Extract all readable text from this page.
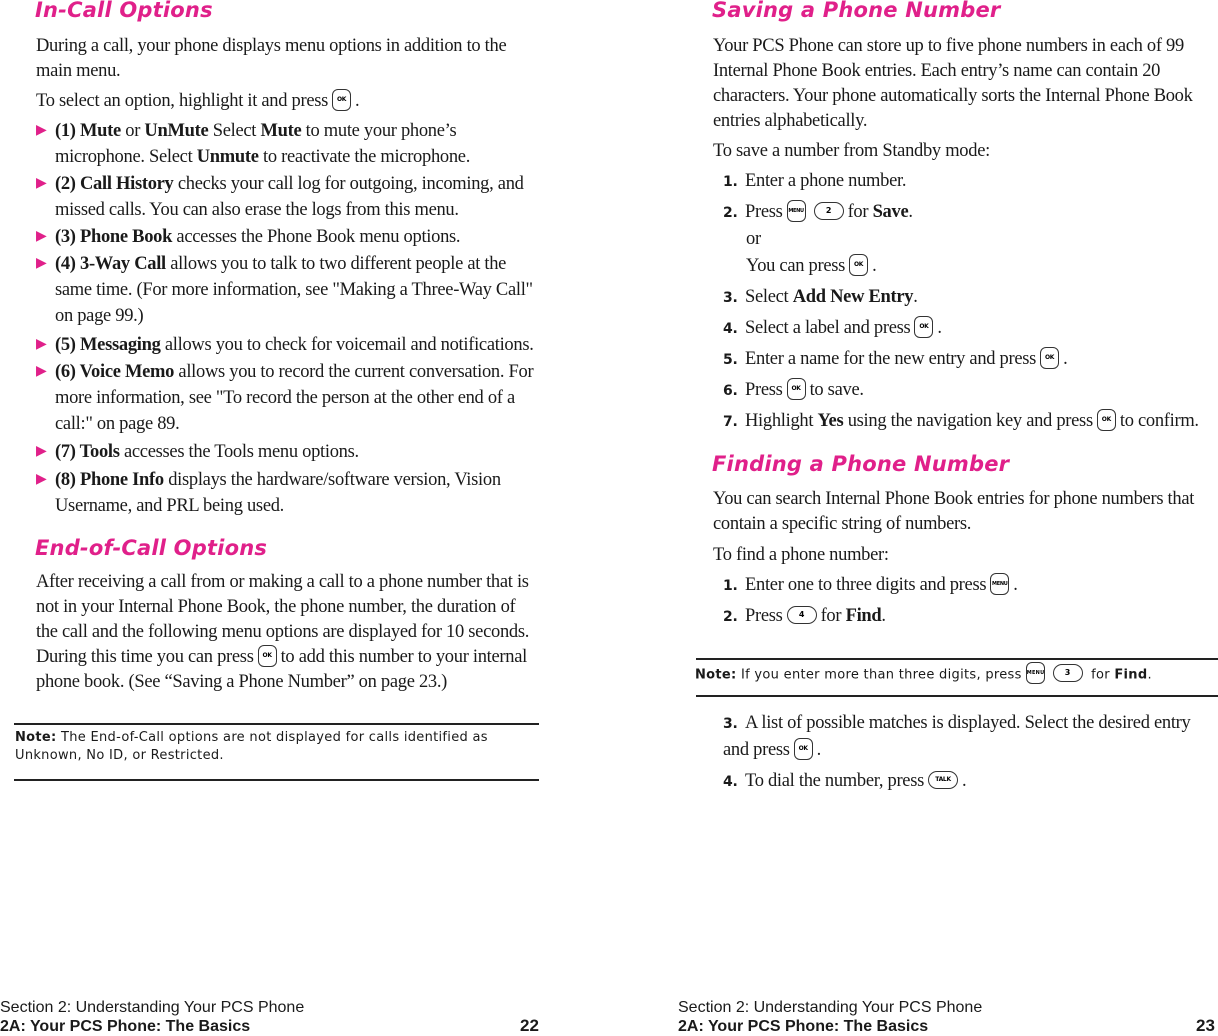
In-Call Options

During a call, your phone displays menu options in addition to the main menu.

To select an option, highlight it and press OK .

▶ (1) Mute or UnMute Select Mute to mute your phone’s microphone. Select Unmute to reactivate the microphone.
▶ (2) Call History checks your call log for outgoing, incoming, and missed calls. You can also erase the logs from this menu.
▶ (3) Phone Book accesses the Phone Book menu options.
▶ (4) 3-Way Call allows you to talk to two different people at the same time. (For more information, see "Making a Three-Way Call" on page 99.)
▶ (5) Messaging allows you to check for voicemail and notifications.
▶ (6) Voice Memo allows you to record the current conversation. For more information, see "To record the person at the other end of a call:" on page 89.
▶ (7) Tools accesses the Tools menu options.
▶ (8) Phone Info displays the hardware/software version, Vision Username, and PRL being used.
End-of-Call Options

After receiving a call from or making a call to a phone number that is not in your Internal Phone Book, the phone number, the duration of the call and the following menu options are displayed for 10 seconds. During this time you can press OK to add this number to your internal phone book. (See “Saving a Phone Number” on page 23.)

Note: The End-of-Call options are not displayed for calls identified as Unknown, No ID, or Restricted.

Section 2: Understanding Your PCS Phone
2A: Your PCS Phone: The Basics	22
Saving a Phone Number

Your PCS Phone can store up to five phone numbers in each of 99 Internal Phone Book entries. Each entry’s name can contain 20 characters. Your phone automatically sorts the Internal Phone Book entries alphabetically.

To save a number from Standby mode:

1. Enter a phone number.
2. Press MENU	2 for Save.
or
You can press OK .
3. Select Add New Entry.
4. Select a label and press OK .
5. Enter a name for the new entry and press OK .
6. Press OK to save.
7. Highlight Yes using the navigation key and press OK to confirm.
Finding a Phone Number

You can search Internal Phone Book entries for phone numbers that contain a specific string of numbers.

To find a phone number:

1. Enter one to three digits and press MENU .
2. Press 4 for Find.

Note: If you enter more than three digits, press MENU	3 for Find.

3. A list of possible matches is displayed. Select the desired entry and press OK .
4. To dial the number, press TALK .
Section 2: Understanding Your PCS Phone
2A: Your PCS Phone: The Basics	23
